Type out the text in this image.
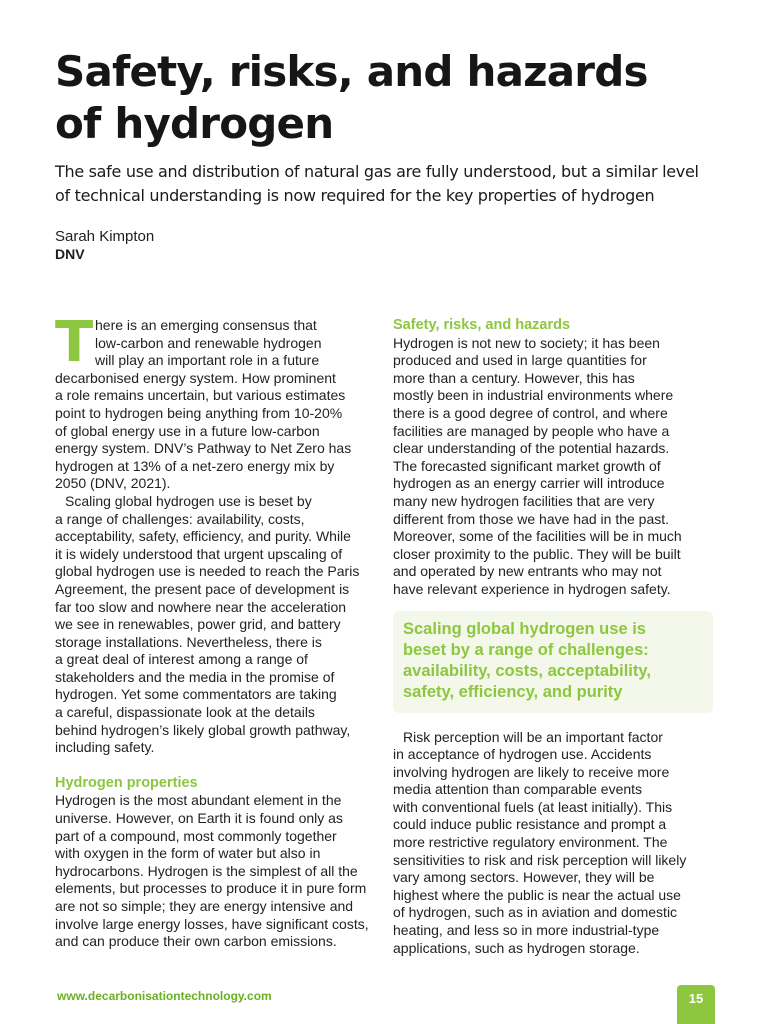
Safety, risks, and hazards
of hydrogen

The safe use and distribution of natural gas are fully understood, but a similar level
of technical understanding is now required for the key properties of hydrogen

Sarah Kimpton
DNV

T here is an emerging consensus that
low-carbon and renewable hydrogen
will play an important role in a future
decarbonised energy system. How prominent
a role remains uncertain, but various estimates
point to hydrogen being anything from 10-20%
of global energy use in a future low-carbon
energy system. DNV’s Pathway to Net Zero has
hydrogen at 13% of a net-zero energy mix by
2050 (DNV, 2021).

Scaling global hydrogen use is beset by
a range of challenges: availability, costs,
acceptability, safety, efficiency, and purity. While
it is widely understood that urgent upscaling of
global hydrogen use is needed to reach the Paris
Agreement, the present pace of development is
far too slow and nowhere near the acceleration
we see in renewables, power grid, and battery
storage installations. Nevertheless, there is
a great deal of interest among a range of
stakeholders and the media in the promise of
hydrogen. Yet some commentators are taking
a careful, dispassionate look at the details
behind hydrogen’s likely global growth pathway,
including safety.

Hydrogen properties

Hydrogen is the most abundant element in the
universe. However, on Earth it is found only as
part of a compound, most commonly together
with oxygen in the form of water but also in
hydrocarbons. Hydrogen is the simplest of all the
elements, but processes to produce it in pure form
are not so simple; they are energy intensive and
involve large energy losses, have significant costs,
and can produce their own carbon emissions.

Safety, risks, and hazards

Hydrogen is not new to society; it has been
produced and used in large quantities for
more than a century. However, this has
mostly been in industrial environments where
there is a good degree of control, and where
facilities are managed by people who have a
clear understanding of the potential hazards.
The forecasted significant market growth of
hydrogen as an energy carrier will introduce
many new hydrogen facilities that are very
different from those we have had in the past.
Moreover, some of the facilities will be in much
closer proximity to the public. They will be built
and operated by new entrants who may not
have relevant experience in hydrogen safety.

Scaling global hydrogen use is
beset by a range of challenges:
availability, costs, acceptability,
safety, efficiency, and purity

Risk perception will be an important factor
in acceptance of hydrogen use. Accidents
involving hydrogen are likely to receive more
media attention than comparable events
with conventional fuels (at least initially). This
could induce public resistance and prompt a
more restrictive regulatory environment. The
sensitivities to risk and risk perception will likely
vary among sectors. However, they will be
highest where the public is near the actual use
of hydrogen, such as in aviation and domestic
heating, and less so in more industrial-type
applications, such as hydrogen storage.

www.decarbonisationtechnology.com	15
